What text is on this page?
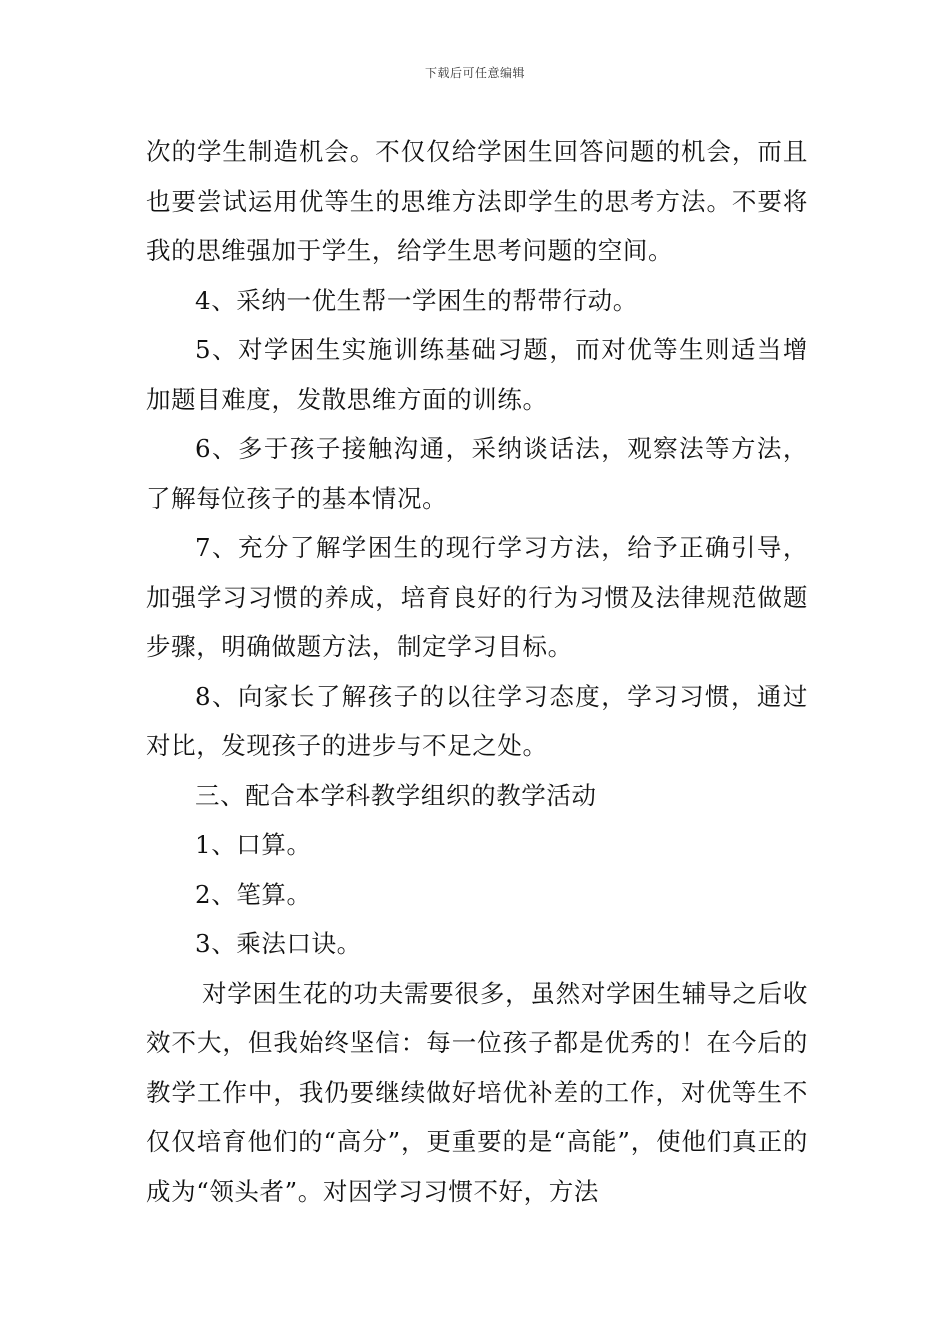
下载后可任意编辑

次的学生制造机会。不仅仅给学困生回答问题的机会，而且也要尝试运用优等生的思维方法即学生的思考方法。不要将我的思维强加于学生，给学生思考问题的空间。

4、采纳一优生帮一学困生的帮带行动。

5、对学困生实施训练基础习题，而对优等生则适当增加题目难度，发散思维方面的训练。

6、多于孩子接触沟通，采纳谈话法，观察法等方法，了解每位孩子的基本情况。

7、充分了解学困生的现行学习方法，给予正确引导，加强学习习惯的养成，培育良好的行为习惯及法律规范做题步骤，明确做题方法，制定学习目标。

8、向家长了解孩子的以往学习态度，学习习惯，通过对比，发现孩子的进步与不足之处。

三、配合本学科教学组织的教学活动

1、口算。

2、笔算。

3、乘法口诀。

对学困生花的功夫需要很多，虽然对学困生辅导之后收效不大，但我始终坚信：每一位孩子都是优秀的！在今后的教学工作中，我仍要继续做好培优补差的工作，对优等生不仅仅培育他们的“高分”，更重要的是“高能”，使他们真正的成为“领头者”。对因学习习惯不好，方法
